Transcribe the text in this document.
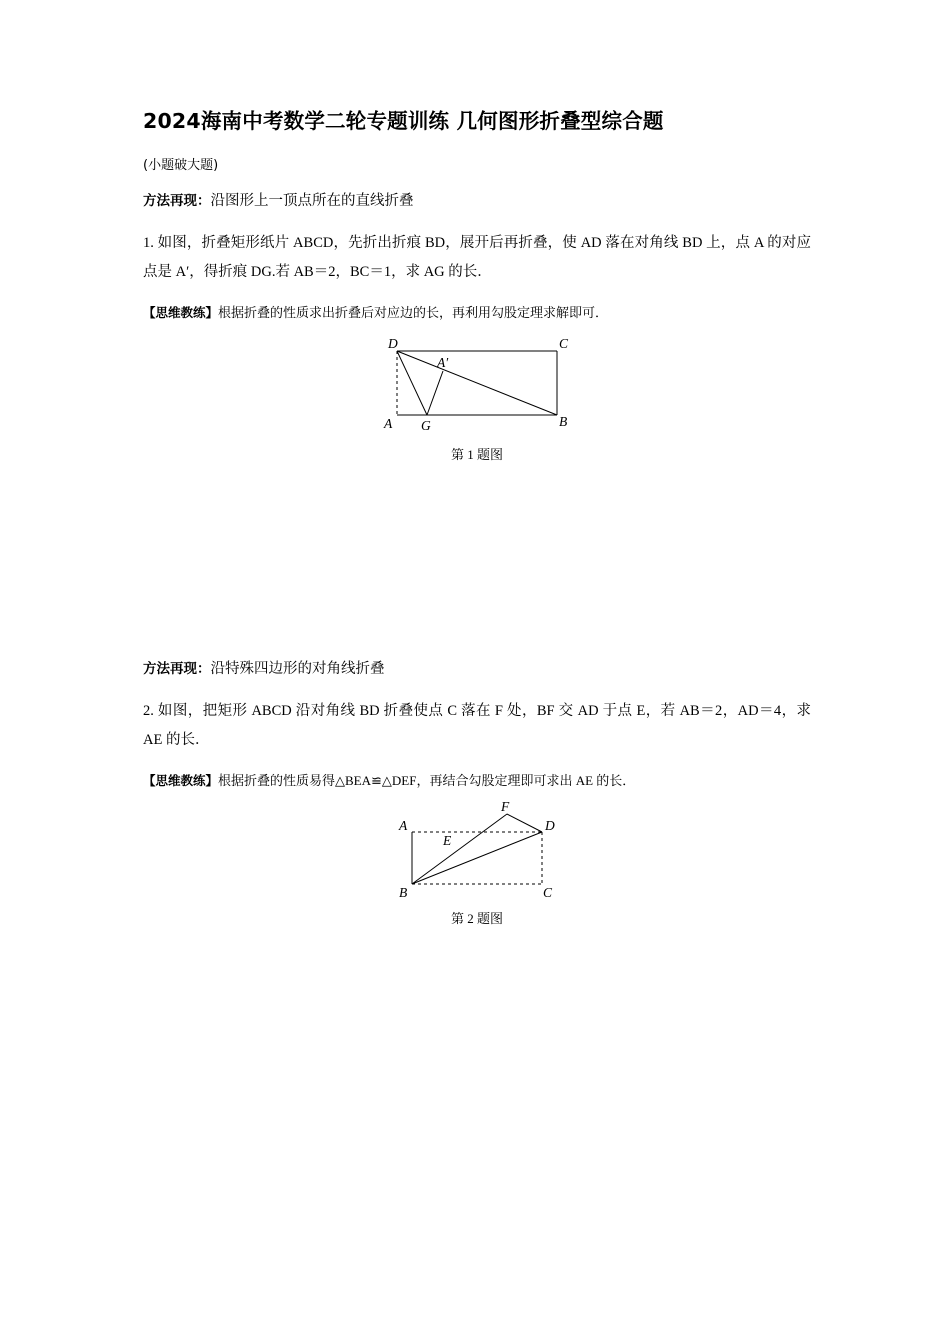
2024海南中考数学二轮专题训练 几何图形折叠型综合题
(小题破大题)
方法再现：沿图形上一顶点所在的直线折叠
1. 如图，折叠矩形纸片 ABCD，先折出折痕 BD，展开后再折叠，使 AD 落在对角线 BD 上，点 A 的对应点是 A′，得折痕 DG.若 AB＝2，BC＝1，求 AG 的长．
【思维教练】根据折叠的性质求出折叠后对应边的长，再利用勾股定理求解即可．
D	C
A′
A G	B
第 1 题图
方法再现：沿特殊四边形的对角线折叠
2. 如图，把矩形 ABCD 沿对角线 BD 折叠使点 C 落在 F 处，BF 交 AD 于点 E，若 AB＝2，AD＝4，求 AE 的长．
【思维教练】根据折叠的性质易得△BEA≌△DEF，再结合勾股定理即可求出 AE 的长．
F
A
E
D
B	C
第 2 题图
